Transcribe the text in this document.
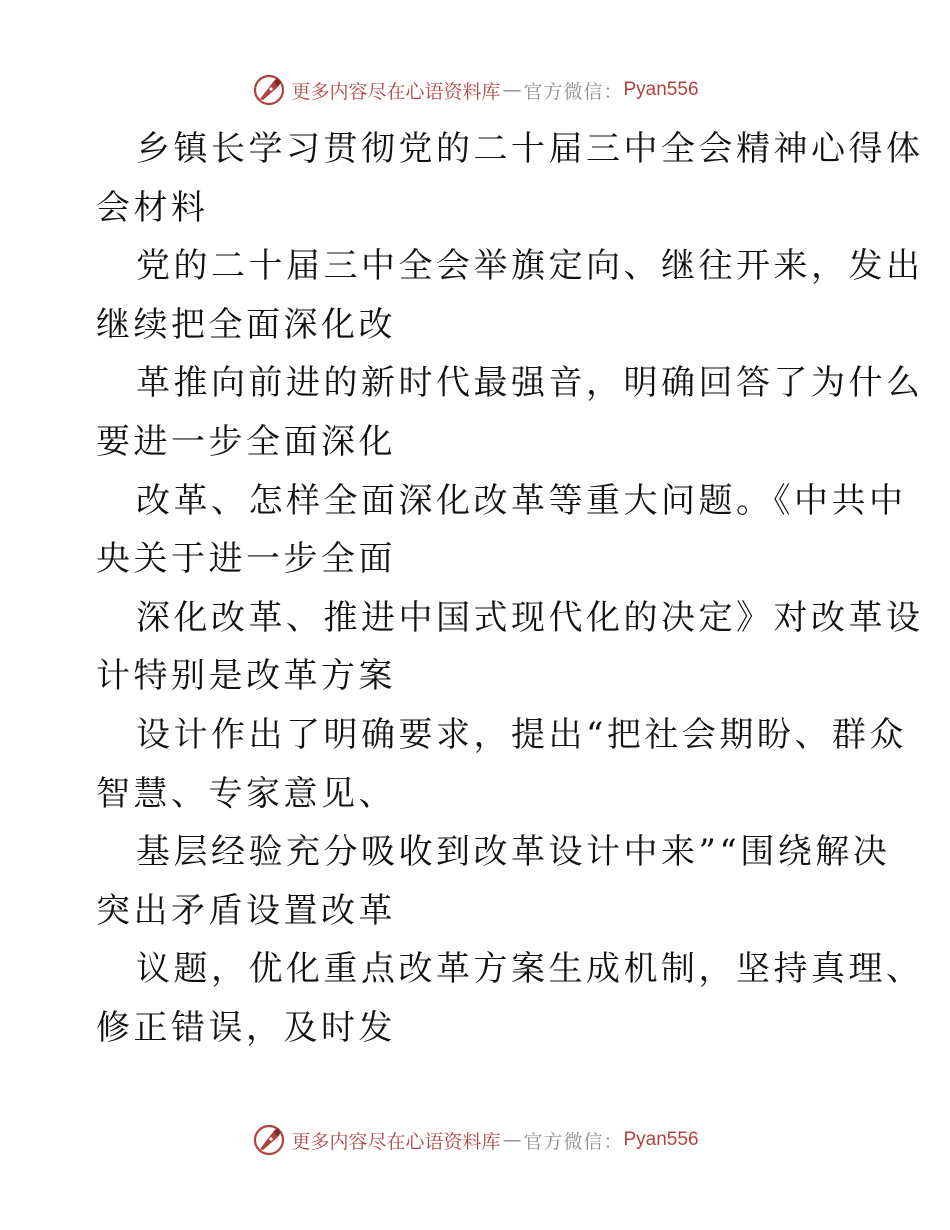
更多内容尽在心语资料库 — 官方微信： Pyan556
乡镇长学习贯彻党的二十届三中全会精神心得体
会材料
党的二十届三中全会举旗定向、继往开来，发出
继续把全面深化改
革推向前进的新时代最强音，明确回答了为什么
要进一步全面深化
改革、怎样全面深化改革等重大问题。《中共中
央关于进一步全面
深化改革、推进中国式现代化的决定》对改革设
计特别是改革方案
设计作出了明确要求，提出“把社会期盼、群众
智慧、专家意见、
基层经验充分吸收到改革设计中来”“围绕解决
突出矛盾设置改革
议题，优化重点改革方案生成机制，坚持真理、
修正错误，及时发
更多内容尽在心语资料库 — 官方微信： Pyan556
